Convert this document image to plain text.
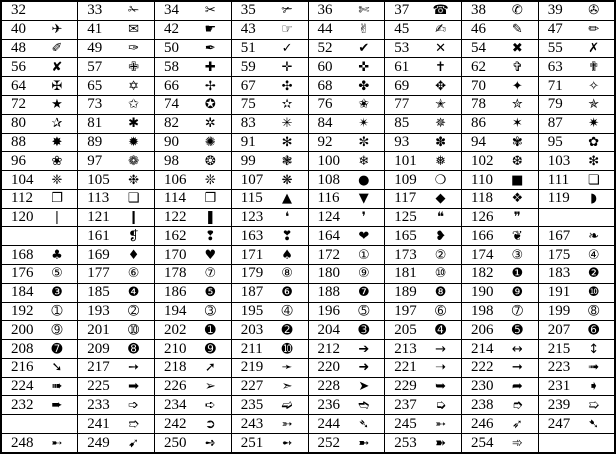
32	33 ✁	34 ✂	35 ✃	36 ✄	37 ☎	38 ✆	39 ✇

40 ✈	41 ✉	42 ☛	43 ☞	44 ✌	45 ✍	46 ✎	47 ✏

48 ✐	49 ✑	50 ✒	51 ✓	52 ✔	53 ✕	54 ✖	55 ✗

56 ✘	57 ✙	58 ✚	59 ✛	60 ✜	61 ✝	62 ✞	63 ✟

64 ✠	65 ✡	66 ✢	67 ✣	68 ✤	69 ✥	70 ✦	71 ✧

72 ★	73 ✩	74 ✪	75 ✫	76 ✬	77 ✭	78 ✮	79 ✯

80 ✰	81 ✱	82 ✲	83 ✳	84 ✴	85 ✵	86 ✶	87 ✷

88 ✸	89 ✹	90 ✺	91 ✻	92 ✼	93 ✽	94 ✾	95 ✿

96 ❀	97 ❁	98 ❂	99 ❃	100 ❄	101 ❅	102 ❆	103 ❇

104 ❈	105 ❉	106 ❊	107 ❋	108 ●	109 ❍	110 ■	111 ❏

112 ❐	113 ❑	114 ❒	115 ▲	116 ▼	117 ◆	118 ❖	119 ◗

120 ❘	121 ❙	122 ❚	123 ❛	124 ❜	125 ❝	126 ❞	

	161 ❡	162 ❢	163 ❣	164 ❤	165 ❥	166 ❦	167 ❧

168 ♣	169 ♦	170 ♥	171 ♠	172 ①	173 ②	174 ③	175 ④

176 ⑤	177 ⑥	178 ⑦	179 ⑧	180 ⑨	181 ⑩	182 ❶	183 ❷

184 ❸	185 ❹	186 ❺	187 ❻	188 ❼	189 ❽	190 ❾	191 ❿

192 ➀	193 ➁	194 ➂	195 ➃	196 ➄	197 ➅	198 ➆	199 ➇

200 ➈	201 ➉	202 ➊	203 ➋	204 ➌	205 ➍	206 ➎	207 ➏

208 ➐	209 ➑	210 ➒	211 ➓	212 ➔	213 →	214 ↔	215 ↕

216 ➘	217 ➙	218 ➚	219 ➛	220 ➜	221 ➝	222 ➞	223 ➟

224 ➠	225 ➡	226 ➢	227 ➣	228 ➤	229 ➥	230 ➦	231 ➧

232 ➨	233 ➩	234 ➪	235 ➫	236 ➬	237 ➭	238 ➮	239 ➯

	241 ➱	242 ➲	243 ➳	244 ➴	245 ➵	246 ➶	247 ➷

248 ➸	249 ➹	250 ➺	251 ➻	252 ➼	253 ➽	254 ➾	
